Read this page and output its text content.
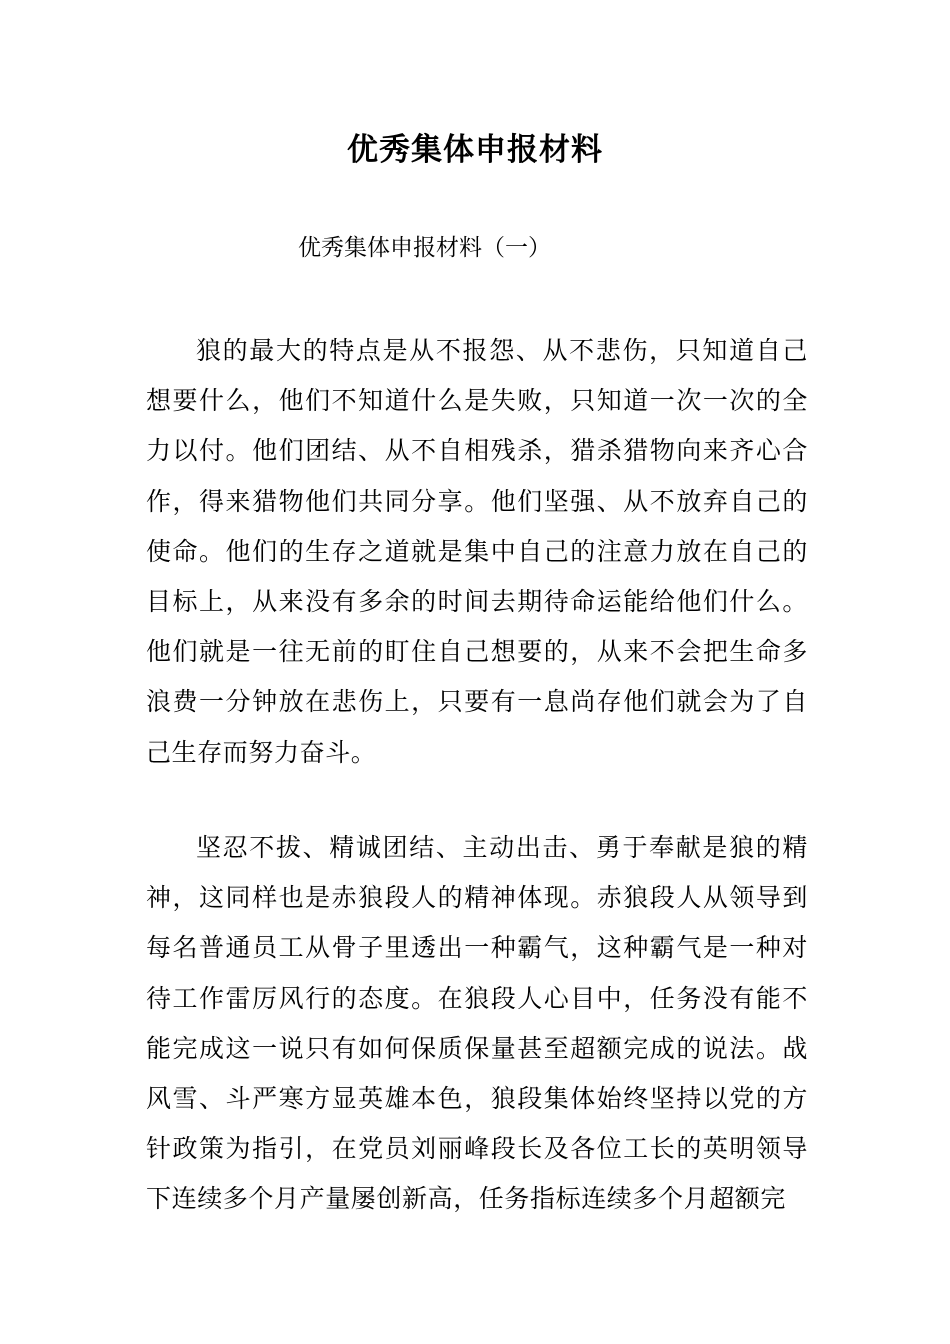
优秀集体申报材料

优秀集体申报材料（一）

狼的最大的特点是从不报怨、从不悲伤，只知道自己想要什么，他们不知道什么是失败，只知道一次一次的全力以付。他们团结、从不自相残杀，猎杀猎物向来齐心合作，得来猎物他们共同分享。他们坚强、从不放弃自己的使命。他们的生存之道就是集中自己的注意力放在自己的目标上，从来没有多余的时间去期待命运能给他们什么。他们就是一往无前的盯住自己想要的，从来不会把生命多浪费一分钟放在悲伤上，只要有一息尚存他们就会为了自己生存而努力奋斗。

坚忍不拔、精诚团结、主动出击、勇于奉献是狼的精神，这同样也是赤狼段人的精神体现。赤狼段人从领导到每名普通员工从骨子里透出一种霸气，这种霸气是一种对待工作雷厉风行的态度。在狼段人心目中，任务没有能不能完成这一说只有如何保质保量甚至超额完成的说法。战风雪、斗严寒方显英雄本色，狼段集体始终坚持以党的方针政策为指引，在党员刘丽峰段长及各位工长的英明领导下连续多个月产量屡创新高，任务指标连续多个月超额完
